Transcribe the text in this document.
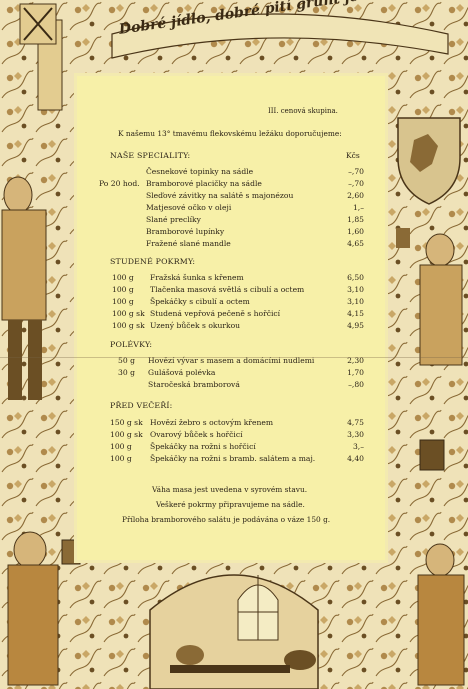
Dobré jídlo, dobré pití grunt
III. cenová skupina.
K našemu 13° tmavému flekovskému ležáku doporučujeme:
NAŠE SPECIALITY:	Kčs
Česnekové topinky na sádle	–,70
Po 20 hod. Bramborové placičky na sádle	–,70
Sleďové závitky na salátě s majonézou	2,60
Matjesové očko v oleji	1,–
Slané preclíky	1,85
Bramborové lupínky	1,60
Fražené slané mandle	4,65
STUDENÉ POKRMY:
100 g Fražská šunka s křenem	6,50
100 g Tlačenka masová světlá s cibulí a octem	3,10
100 g Špekáčky s cibulí a octem	3,10
100 g sk Studená vepřová pečeně s hořčicí	4,15
100 g sk Uzený bůček s okurkou	4,95
POLÉVKY:
50 g Hovězí vývar s masem a domácími nudlemi	2,30
30 g Gulášová polévka	1,70
Staročeská bramborová	–,80
PŘED VEČEŘÍ:
150 g sk Hovězí žebro s octovým křenem	4,75
100 g sk Ovarový bůček s hořčicí	3,30
100 g Špekáčky na rožni s hořčicí	3,–
100 g Špekáčky na rožni s bramb. salátem a maj.	4,40
Váha masa jest uvedena v syrovém stavu.
Veškeré pokrmy připravujeme na sádle.
Příloha bramborového salátu je podávána o váze 150 g.
